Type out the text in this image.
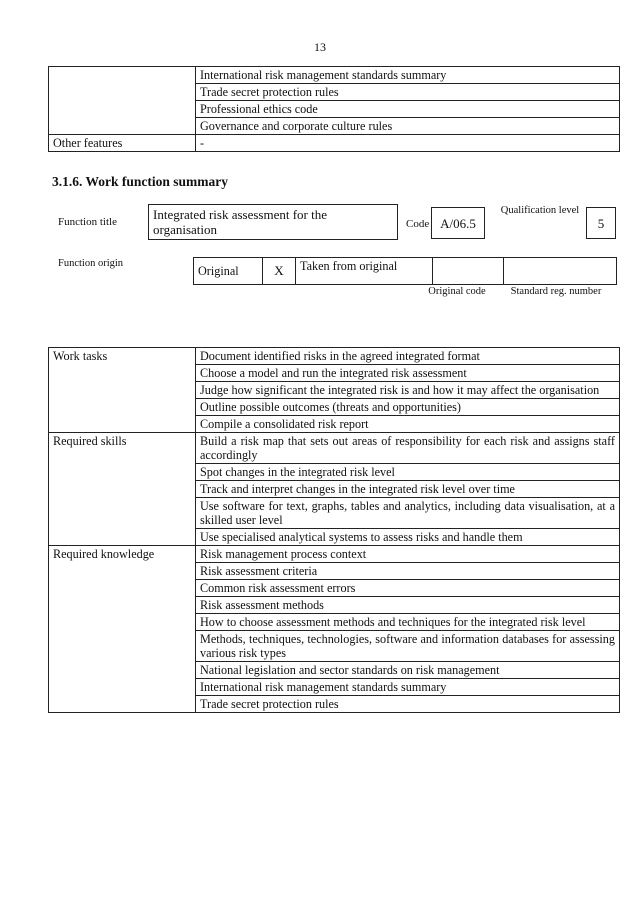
13
	International risk management standards summary
	Trade secret protection rules
	Professional ethics code
	Governance and corporate culture rules
Other features	-
3.1.6. Work function summary
Function title	Integrated risk assessment for the organisation	Code A/06.5
Qualification level
5
Function origin
Original	X	Taken from original		
Original code	Standard reg. number
Work tasks	Document identified risks in the agreed integrated format
	Choose a model and run the integrated risk assessment
	Judge how significant the integrated risk is and how it may affect the organisation
	Outline possible outcomes (threats and opportunities)
	Compile a consolidated risk report
Required skills	Build a risk map that sets out areas of responsibility for each risk and assigns staff accordingly
	Spot changes in the integrated risk level
	Track and interpret changes in the integrated risk level over time
	Use software for text, graphs, tables and analytics, including data visualisation, at a skilled user level
	Use specialised analytical systems to assess risks and handle them
Required knowledge	Risk management process context
	Risk assessment criteria
	Common risk assessment errors
	Risk assessment methods
	How to choose assessment methods and techniques for the integrated risk level
	Methods, techniques, technologies, software and information databases for assessing various risk types
	National legislation and sector standards on risk management
	International risk management standards summary
	Trade secret protection rules
